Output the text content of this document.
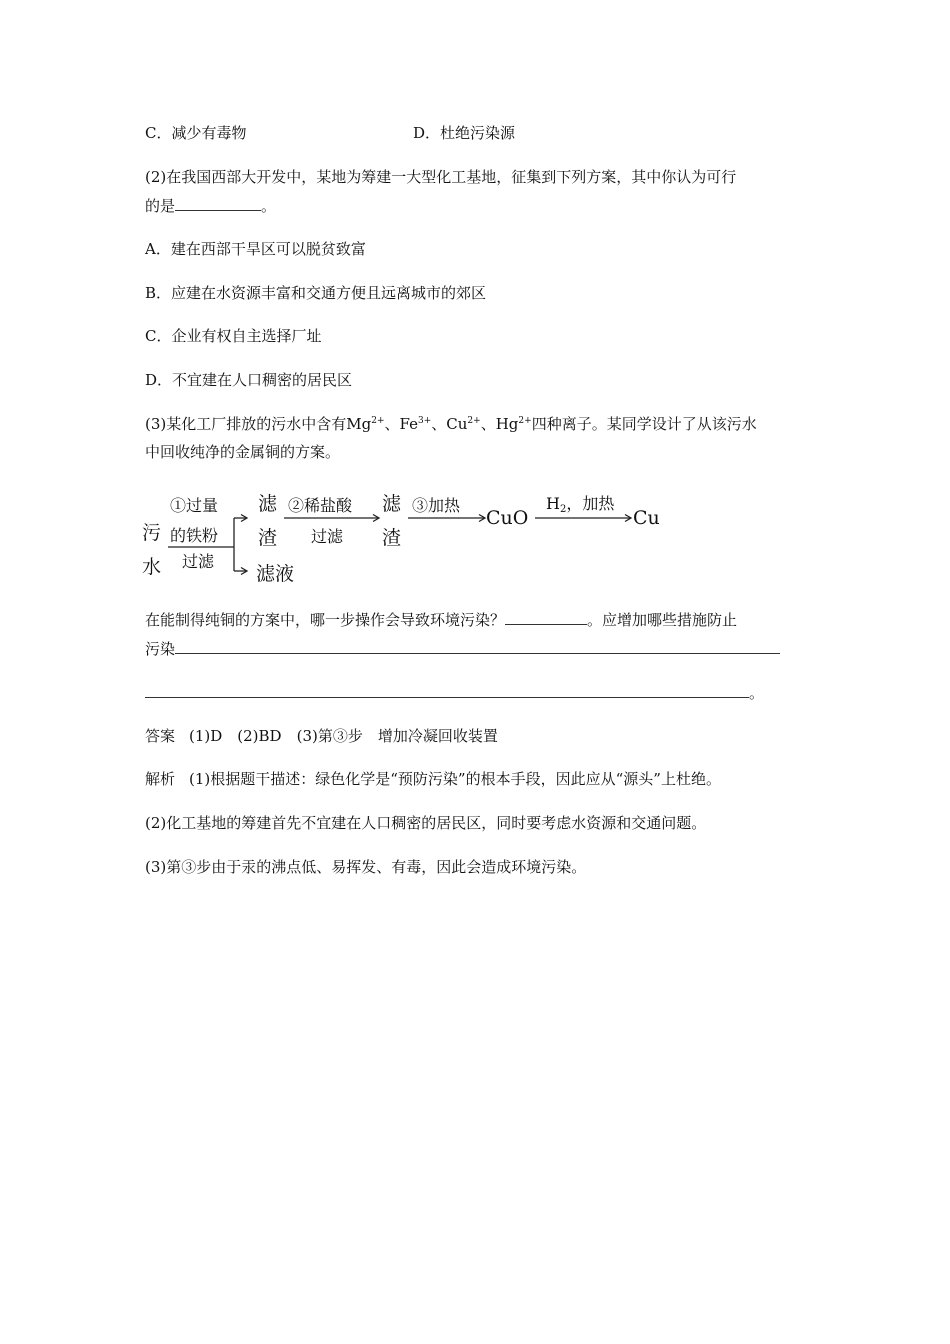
C．减少有毒物	D．杜绝污染源
(2)在我国西部大开发中，某地为筹建一大型化工基地，征集到下列方案，其中你认为可行
的是	。
A．建在西部干旱区可以脱贫致富
B．应建在水资源丰富和交通方便且远离城市的郊区
C．企业有权自主选择厂址
D．不宜建在人口稠密的居民区
(3)某化工厂排放的污水中含有$Mg^{2+}$、$Fe^{3+}$、$Cu^{2+}$、$Hg^{2+}$四种离子。某同学设计了从该污水
中回收纯净的金属铜的方案。
污
水
①过量
的铁粉
过滤
滤
渣
滤液
②稀盐酸
过滤
滤
渣
③加热
CuO
$H_2$，加热
Cu
在能制得纯铜的方案中，哪一步操作会导致环境污染？	。应增加哪些措施防止
污染
。
答案 (1)D　(2)BD　(3)第③步　增加冷凝回收装置
解析 (1)根据题干描述：绿色化学是“预防污染”的根本手段，因此应从“源头”上杜绝。
(2)化工基地的筹建首先不宜建在人口稠密的居民区，同时要考虑水资源和交通问题。
(3)第③步由于汞的沸点低、易挥发、有毒，因此会造成环境污染。
